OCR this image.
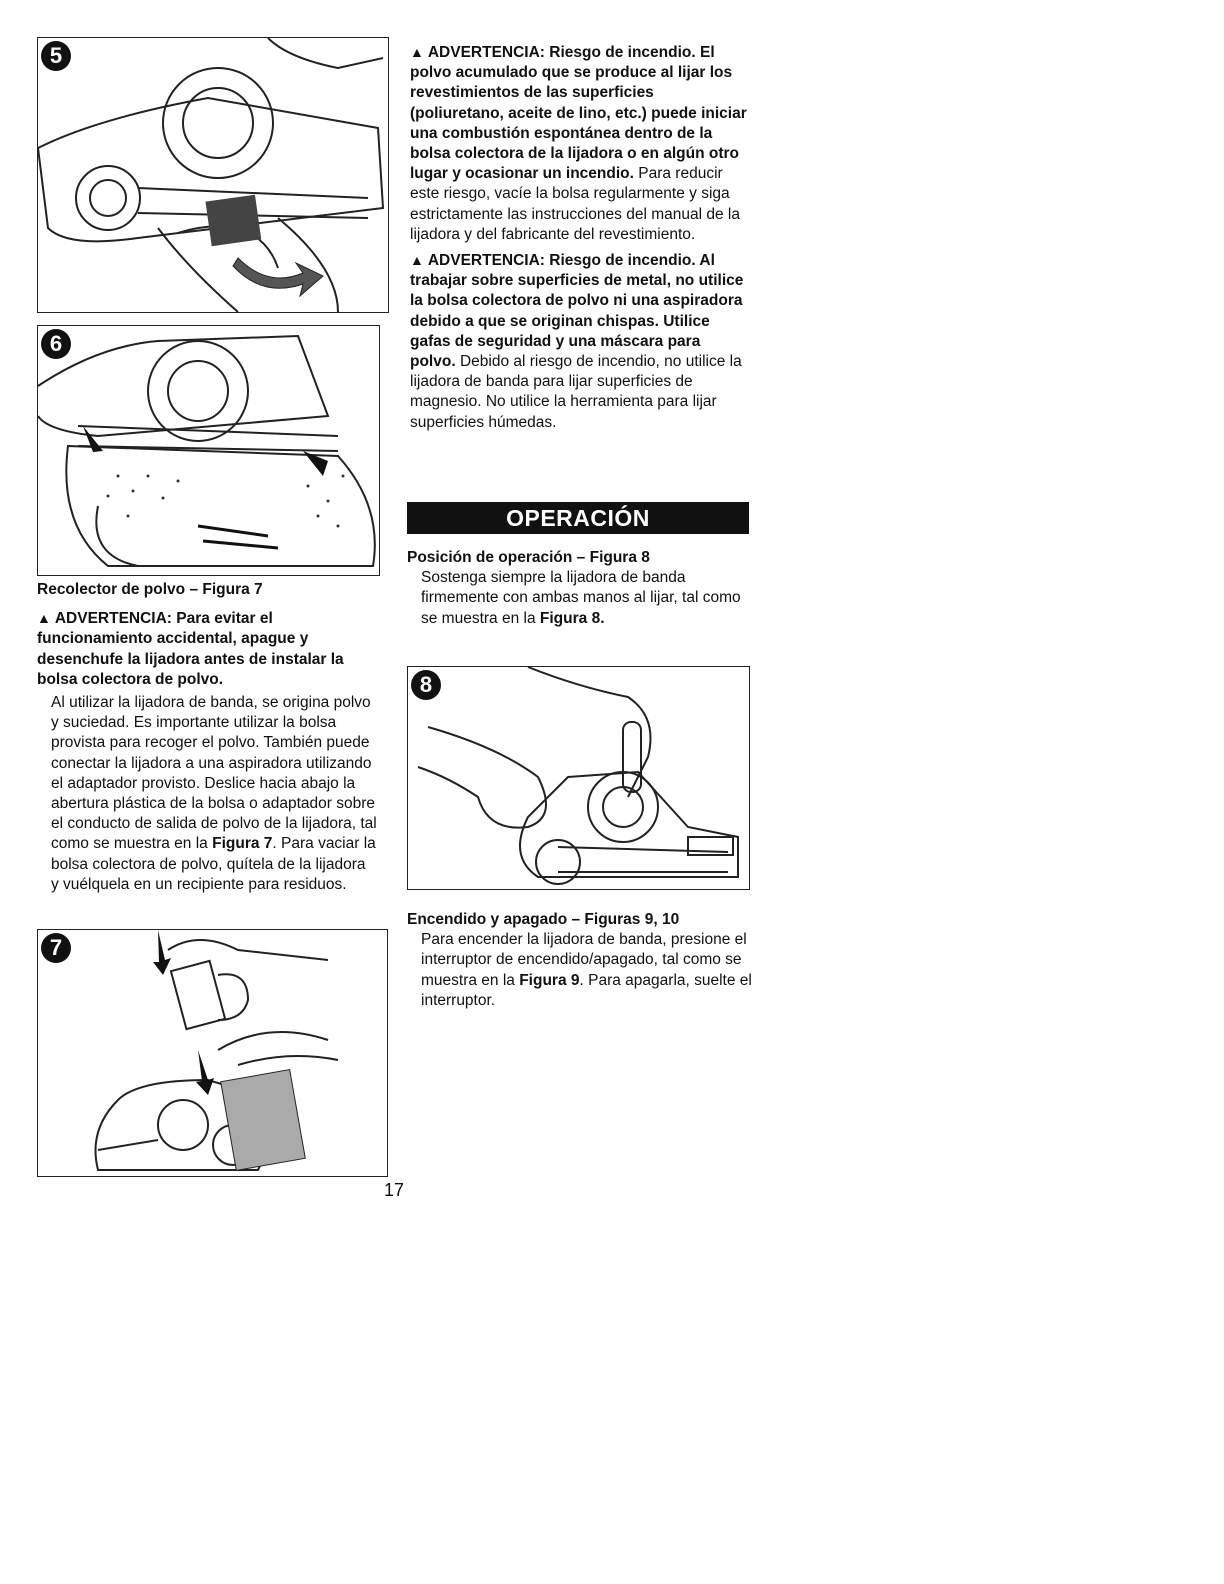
5
6

Recolector de polvo – Figura 7

▲ ADVERTENCIA: Para evitar el funcionamiento accidental, apague y desenchufe la lijadora antes de instalar la bolsa colectora de polvo.

Al utilizar la lijadora de banda, se origina polvo y suciedad. Es importante utilizar la bolsa provista para recoger el polvo. También puede conectar la lijadora a una aspiradora utilizando el adaptador provisto. Deslice hacia abajo la abertura plástica de la bolsa o adaptador sobre el conducto de salida de polvo de la lijadora, tal como se muestra en la Figura 7. Para vaciar la bolsa colectora de polvo, quítela de la lijadora y vuélquela en un recipiente para residuos.

7

▲ ADVERTENCIA: Riesgo de incendio. El polvo acumulado que se produce al lijar los revestimientos de las superficies (poliuretano, aceite de lino, etc.) puede iniciar una combustión espontánea dentro de la bolsa colectora de la lijadora o en algún otro lugar y ocasionar un incendio. Para reducir este riesgo, vacíe la bolsa regularmente y siga estrictamente las instrucciones del manual de la lijadora y del fabricante del revestimiento.

▲ ADVERTENCIA: Riesgo de incendio. Al trabajar sobre superficies de metal, no utilice la bolsa colectora de polvo ni una aspiradora debido a que se originan chispas. Utilice gafas de seguridad y una máscara para polvo. Debido al riesgo de incendio, no utilice la lijadora de banda para lijar superficies de magnesio. No utilice la herramienta para lijar superficies húmedas.

OPERACIÓN

Posición de operación – Figura 8

Sostenga siempre la lijadora de banda firmemente con ambas manos al lijar, tal como se muestra en la Figura 8.

8

Encendido y apagado – Figuras 9, 10

Para encender la lijadora de banda, presione el interruptor de encendido/apagado, tal como se muestra en la Figura 9. Para apagarla, suelte el interruptor.

17
